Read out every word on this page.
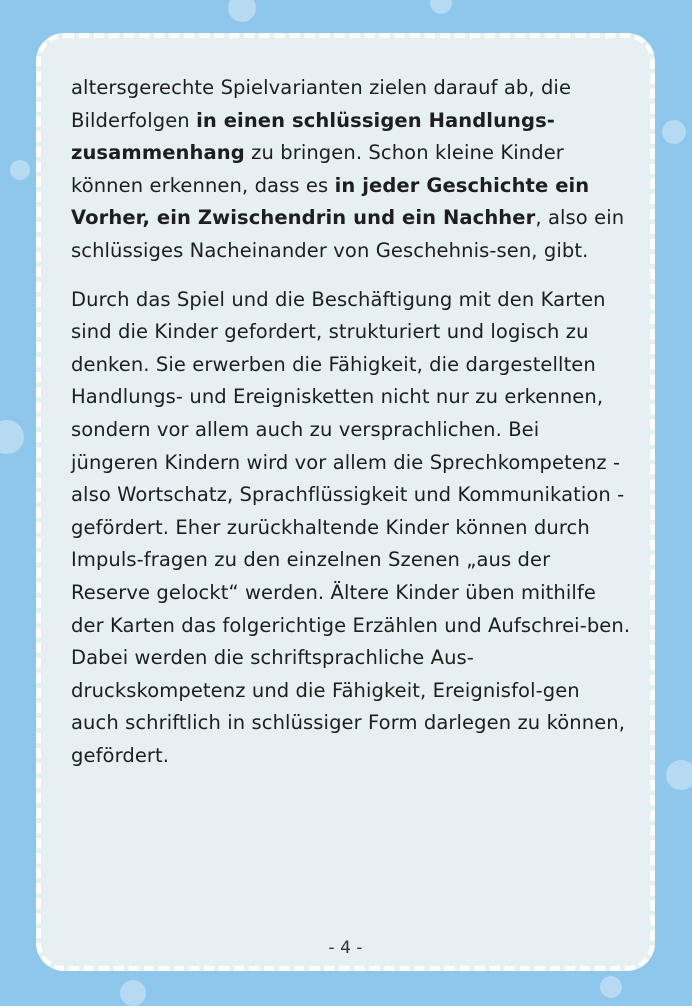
altersgerechte Spielvarianten zielen darauf ab, die Bilderfolgen in einen schlüssigen Handlungs-zusammenhang zu bringen. Schon kleine Kinder können erkennen, dass es in jeder Geschichte ein Vorher, ein Zwischendrin und ein Nachher, also ein schlüssiges Nacheinander von Geschehnis-sen, gibt.

Durch das Spiel und die Beschäftigung mit den Karten sind die Kinder gefordert, strukturiert und logisch zu denken. Sie erwerben die Fähigkeit, die dargestellten Handlungs- und Ereignisketten nicht nur zu erkennen, sondern vor allem auch zu versprachlichen. Bei jüngeren Kindern wird vor allem die Sprechkompetenz - also Wortschatz, Sprachflüssigkeit und Kommunikation - gefördert. Eher zurückhaltende Kinder können durch Impuls-fragen zu den einzelnen Szenen „aus der Reserve gelockt“ werden. Ältere Kinder üben mithilfe der Karten das folgerichtige Erzählen und Aufschrei-ben. Dabei werden die schriftsprachliche Aus-druckskompetenz und die Fähigkeit, Ereignisfol-gen auch schriftlich in schlüssiger Form darlegen zu können, gefördert.

- 4 -
